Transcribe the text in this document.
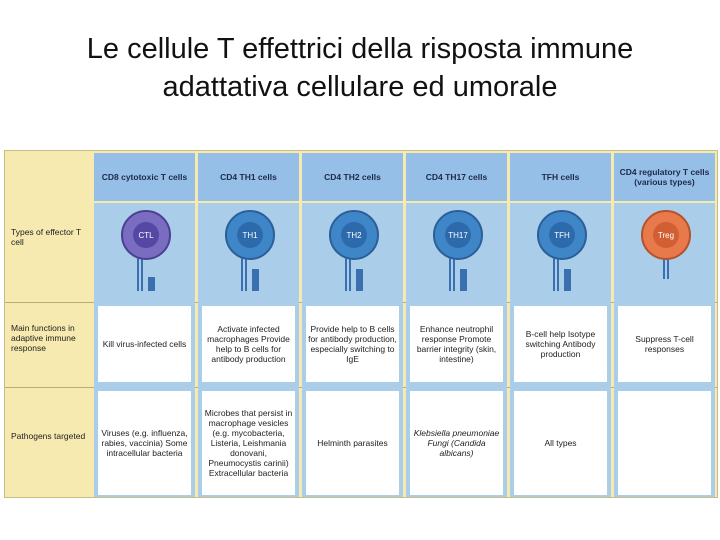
Le cellule T effettrici della risposta immune
adattativa cellulare ed umorale
Types of effector T cell
Main functions in adaptive immune response
Pathogens targeted
CD8 cytotoxic T cells
CTL
Kill virus-infected cells
Viruses (e.g. influenza, rabies, vaccinia) Some intracellular bacteria
CD4 TH1 cells
TH1
Activate infected macrophages Provide help to B cells for antibody production
Microbes that persist in macrophage vesicles (e.g. mycobacteria, Listeria, Leishmania donovani, Pneumocystis carinii) Extracellular bacteria
CD4 TH2 cells
TH2
Provide help to B cells for antibody production, especially switching to IgE
Helminth parasites
CD4 TH17 cells
TH17
Enhance neutrophil response Promote barrier integrity (skin, intestine)
Klebsiella pneumoniae Fungi (Candida albicans)
TFH cells
TFH
B-cell help Isotype switching Antibody production
All types
CD4 regulatory T cells (various types)
Treg
Suppress T-cell responses
